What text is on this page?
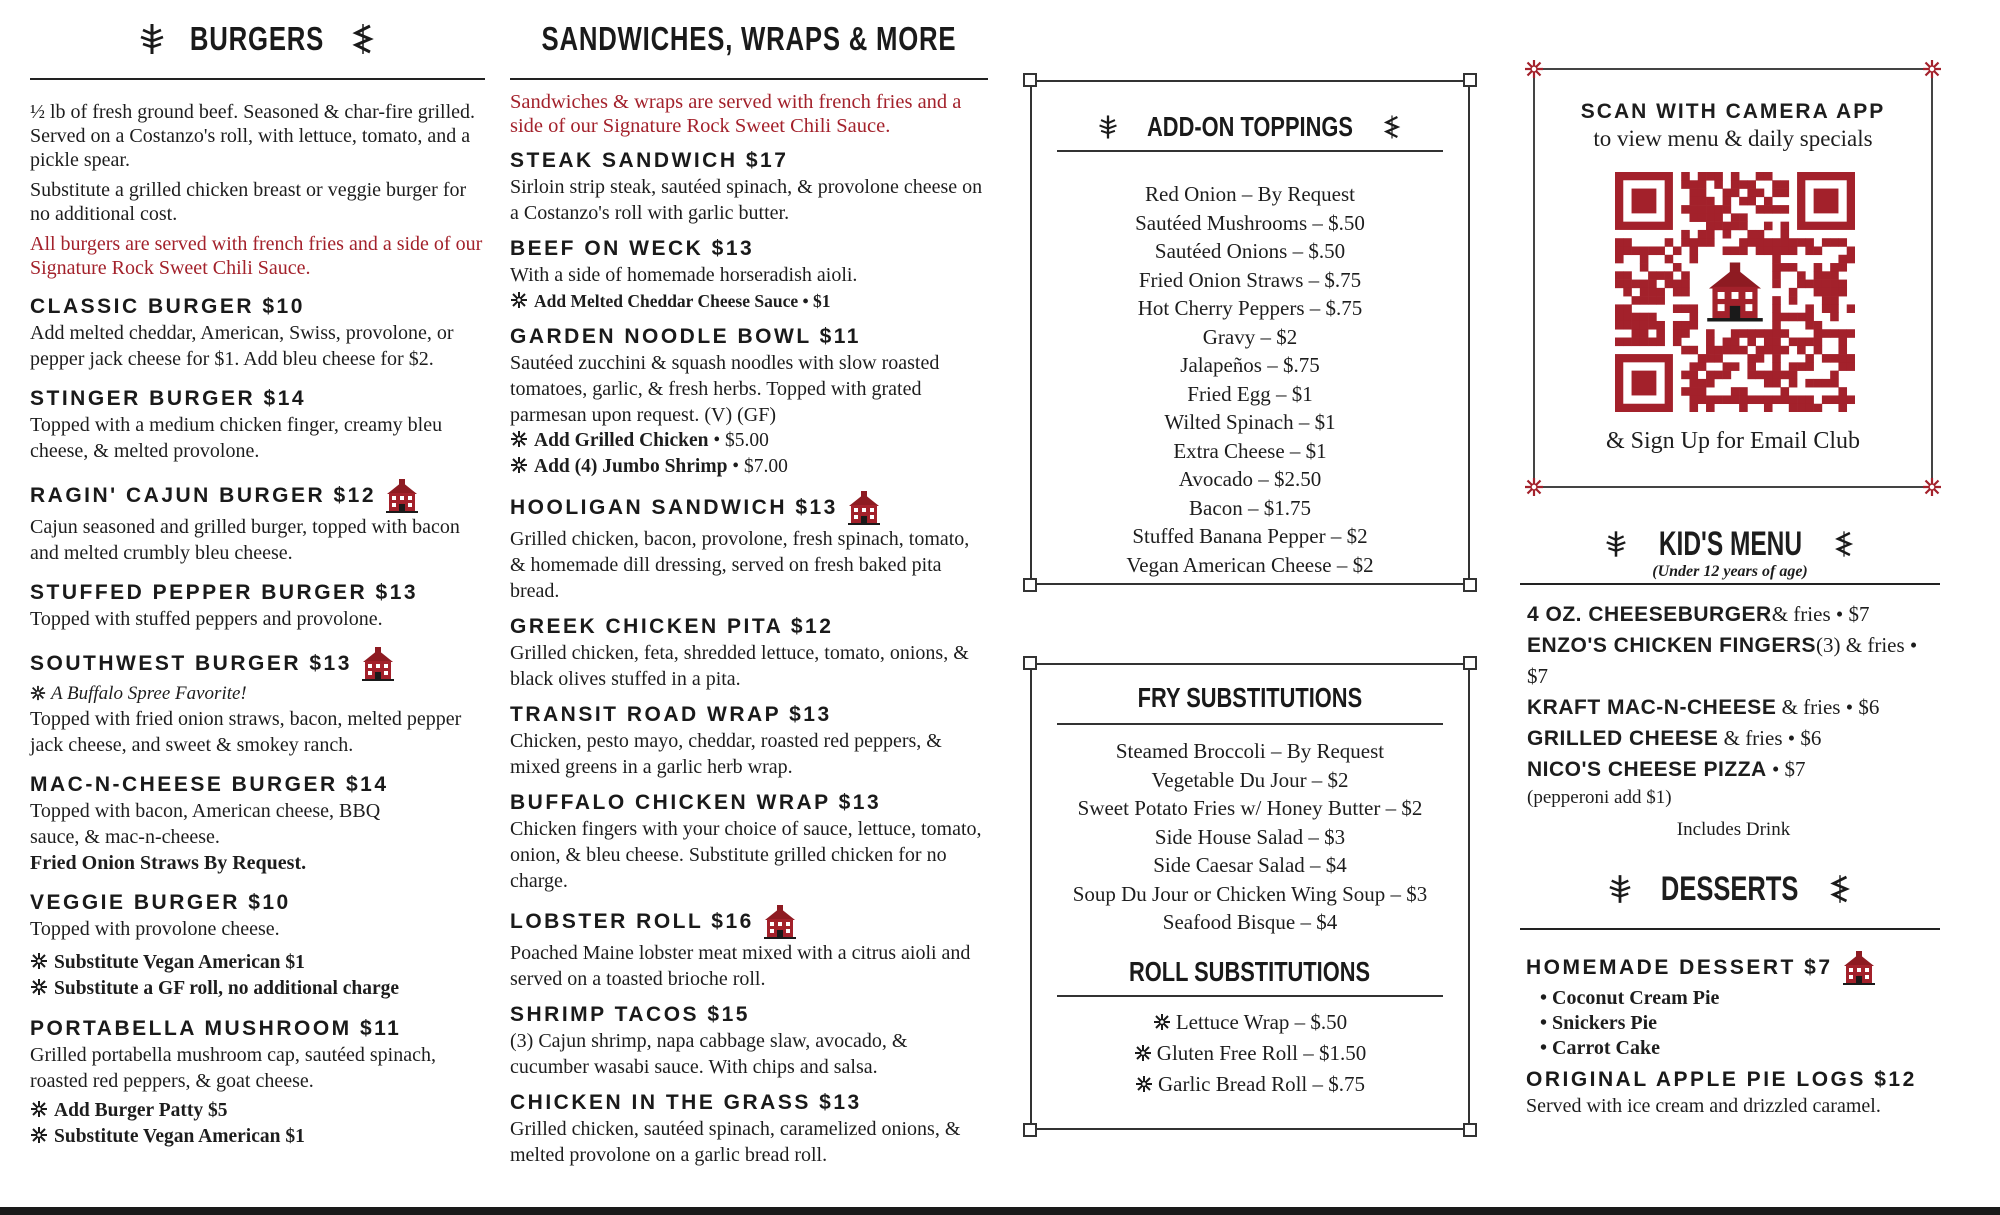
BURGERS

½ lb of fresh ground beef. Seasoned & char-fire grilled. Served on a Costanzo's roll, with lettuce, tomato, and a pickle spear.

Substitute a grilled chicken breast or veggie burger for no additional cost.

All burgers are served with french fries and a side of our Signature Rock Sweet Chili Sauce.

CLASSIC BURGER $10

Add melted cheddar, American, Swiss, provolone, or pepper jack cheese for $1. Add bleu cheese for $2.

STINGER BURGER $14

Topped with a medium chicken finger, creamy bleu cheese, & melted provolone.

RAGIN' CAJUN BURGER $12

Cajun seasoned and grilled burger, topped with bacon and melted crumbly bleu cheese.

STUFFED PEPPER BURGER $13

Topped with stuffed peppers and provolone.

SOUTHWEST BURGER $13

A Buffalo Spree Favorite!

Topped with fried onion straws, bacon, melted pepper jack cheese, and sweet & smokey ranch.

MAC-N-CHEESE BURGER $14

Topped with bacon, American cheese, BBQ sauce, & mac-n-cheese.

Fried Onion Straws By Request.

VEGGIE BURGER $10

Topped with provolone cheese.

Substitute Vegan American $1

Substitute a GF roll, no additional charge

PORTABELLA MUSHROOM $11

Grilled portabella mushroom cap, sautéed spinach, roasted red peppers, & goat cheese.

Add Burger Patty $5

Substitute Vegan American $1

SANDWICHES, WRAPS & MORE

Sandwiches & wraps are served with french fries and a side of our Signature Rock Sweet Chili Sauce.

STEAK SANDWICH $17

Sirloin strip steak, sautéed spinach, & provolone cheese on a Costanzo's roll with garlic butter.

BEEF ON WECK $13

With a side of homemade horseradish aioli.

Add Melted Cheddar Cheese Sauce • $1

GARDEN NOODLE BOWL $11

Sautéed zucchini & squash noodles with slow roasted tomatoes, garlic, & fresh herbs. Topped with grated parmesan upon request. (V) (GF)

Add Grilled Chicken • $5.00

Add (4) Jumbo Shrimp • $7.00

HOOLIGAN SANDWICH $13

Grilled chicken, bacon, provolone, fresh spinach, tomato, & homemade dill dressing, served on fresh baked pita bread.

GREEK CHICKEN PITA $12

Grilled chicken, feta, shredded lettuce, tomato, onions, & black olives stuffed in a pita.

TRANSIT ROAD WRAP $13

Chicken, pesto mayo, cheddar, roasted red peppers, & mixed greens in a garlic herb wrap.

BUFFALO CHICKEN WRAP $13

Chicken fingers with your choice of sauce, lettuce, tomato, onion, & bleu cheese. Substitute grilled chicken for no charge.

LOBSTER ROLL $16

Poached Maine lobster meat mixed with a citrus aioli and served on a toasted brioche roll.

SHRIMP TACOS $15

(3) Cajun shrimp, napa cabbage slaw, avocado, & cucumber wasabi sauce. With chips and salsa.

CHICKEN IN THE GRASS $13

Grilled chicken, sautéed spinach, caramelized onions, & melted provolone on a garlic bread roll.

ADD-ON TOPPINGS
Red Onion – By Request
Sautéed Mushrooms – $.50
Sautéed Onions – $.50
Fried Onion Straws – $.75
Hot Cherry Peppers – $.75
Gravy – $2
Jalapeños – $.75
Fried Egg – $1
Wilted Spinach – $1
Extra Cheese – $1
Avocado – $2.50
Bacon – $1.75
Stuffed Banana Pepper – $2
Vegan American Cheese – $2
FRY SUBSTITUTIONS
Steamed Broccoli – By Request
Vegetable Du Jour – $2
Sweet Potato Fries w/ Honey Butter – $2
Side House Salad – $3
Side Caesar Salad – $4
Soup Du Jour or Chicken Wing Soup – $3
Seafood Bisque – $4
ROLL SUBSTITUTIONS
Lettuce Wrap – $.50
Gluten Free Roll – $1.50
Garlic Bread Roll – $.75
SCAN WITH CAMERA APP
to view menu & daily specials
& Sign Up for Email Club
KID'S MENU
(Under 12 years of age)
4 OZ. CHEESEBURGER& fries • $7
ENZO'S CHICKEN FINGERS(3) & fries • $7
KRAFT MAC-N-CHEESE & fries • $6
GRILLED CHEESE & fries • $6
NICO'S CHEESE PIZZA • $7
(pepperoni add $1)
Includes Drink
DESSERTS
HOMEMADE DESSERT $7
• Coconut Cream Pie
• Snickers Pie
• Carrot Cake
ORIGINAL APPLE PIE LOGS $12

Served with ice cream and drizzled caramel.
